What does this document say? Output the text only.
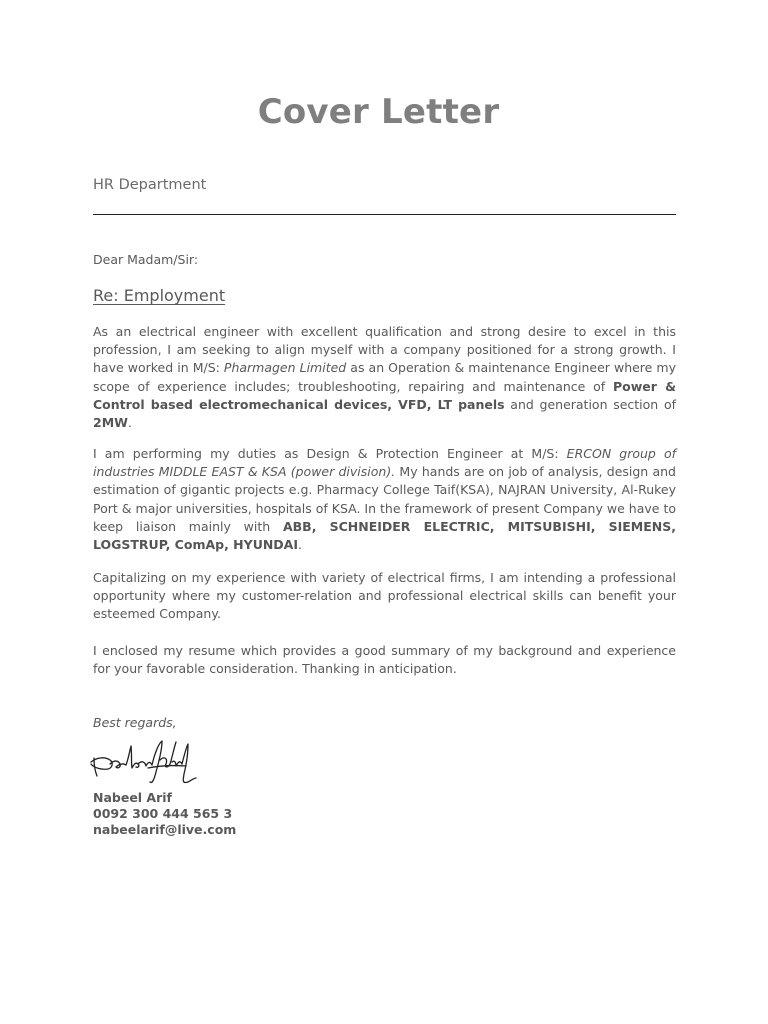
Cover Letter
HR Department
Dear Madam/Sir:
Re: Employment

As an electrical engineer with excellent qualification and strong desire to excel in this profession, I am seeking to align myself with a company positioned for a strong growth. I have worked in M/S: Pharmagen Limited as an Operation & maintenance Engineer where my scope of experience includes; troubleshooting, repairing and maintenance of Power & Control based electromechanical devices, VFD, LT panels and generation section of 2MW.

I am performing my duties as Design & Protection Engineer at M/S: ERCON group of industries MIDDLE EAST & KSA (power division). My hands are on job of analysis, design and estimation of gigantic projects e.g. Pharmacy College Taif(KSA), NAJRAN University, Al-Rukey Port & major universities, hospitals of KSA. In the framework of present Company we have to keep liaison mainly with ABB, SCHNEIDER ELECTRIC, MITSUBISHI, SIEMENS, LOGSTRUP, ComAp, HYUNDAI.

Capitalizing on my experience with variety of electrical firms, I am intending a professional opportunity where my customer-relation and professional electrical skills can benefit your esteemed Company.

I enclosed my resume which provides a good summary of my background and experience for your favorable consideration. Thanking in anticipation.

Best regards,
Nabeel Arif
0092 300 444 565 3
nabeelarif@live.com
